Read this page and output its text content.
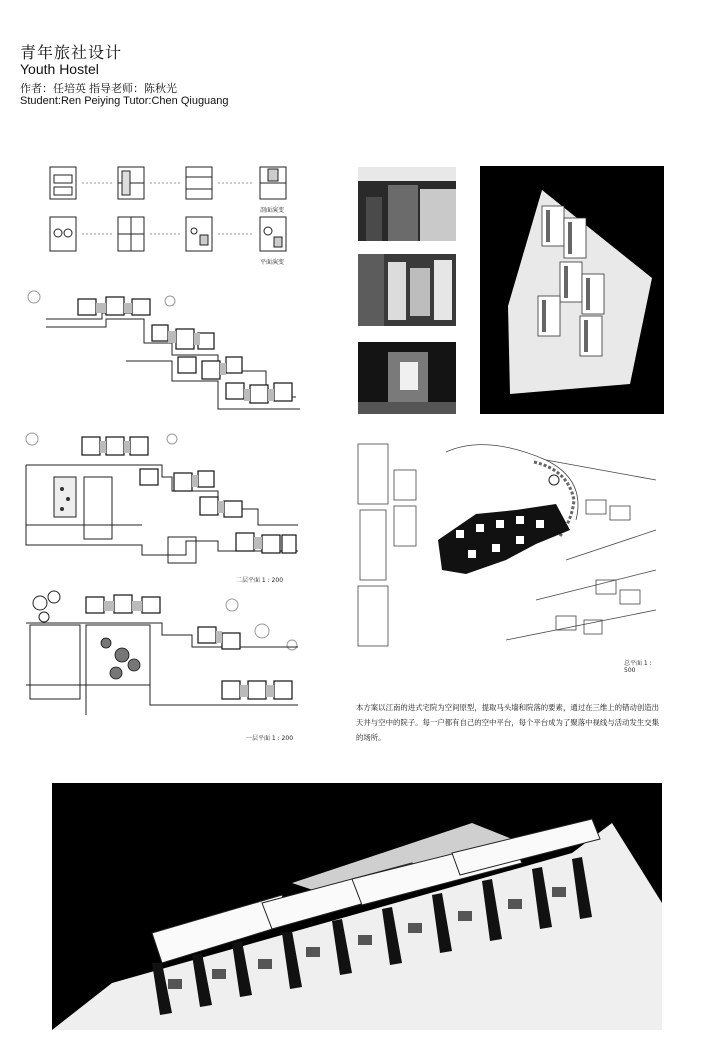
青年旅社设计
Youth Hostel
作者：任培英 指导老师：陈秋光
Student:Ren Peiying Tutor:Chen Qiuguang
剖面演变
平面演变
二层平面 1 : 200
一层平面 1 : 200
总平面 1 : 500
本方案以江南的进式宅院为空间原型，提取马头墙和院落的要素，通过在三维上的错动创造出天井与空中的院子。每一户都有自己的空中平台，每个平台成为了聚落中视线与活动发生交集的场所。
